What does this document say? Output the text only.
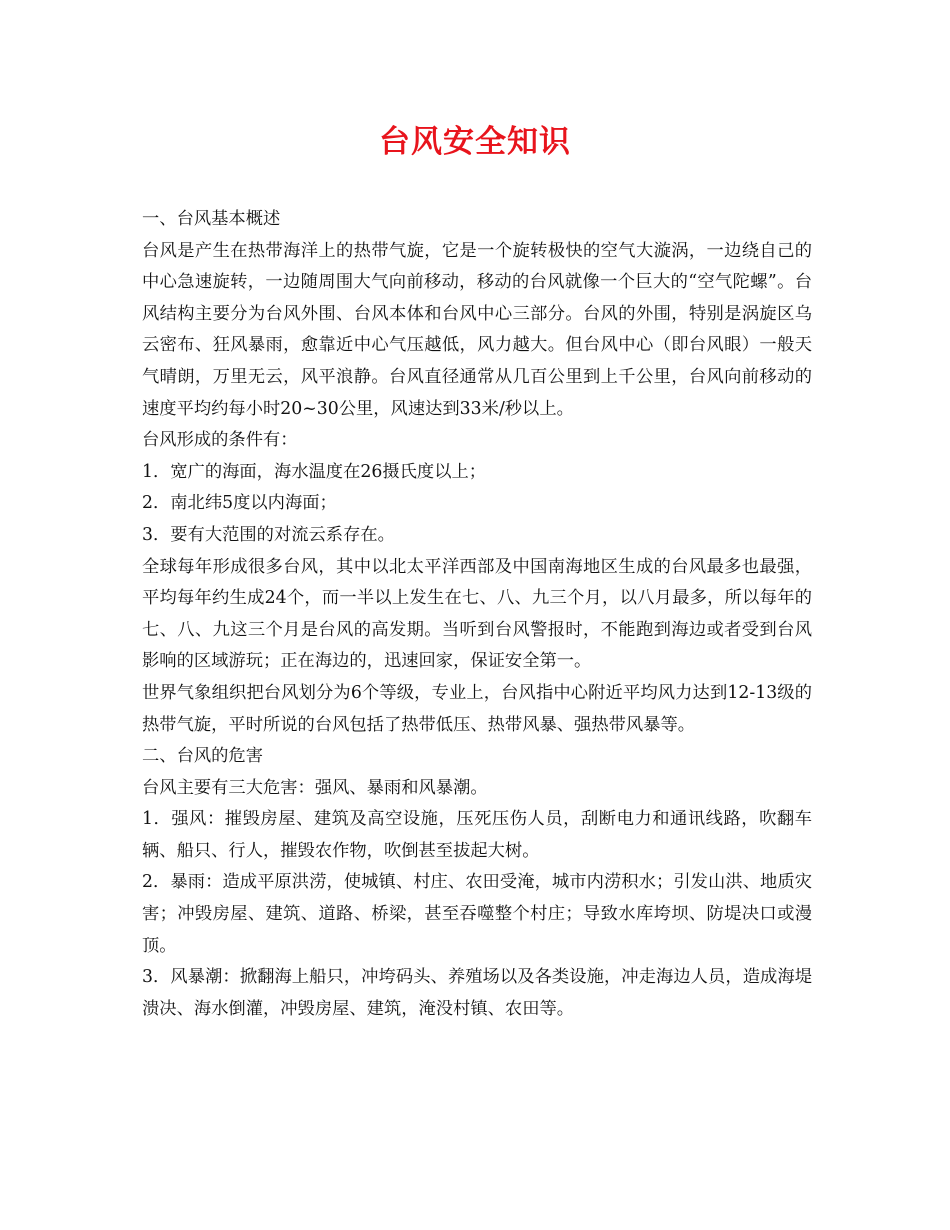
台风安全知识

一、台风基本概述

台风是产生在热带海洋上的热带气旋，它是一个旋转极快的空气大漩涡，一边绕自己的中心急速旋转，一边随周围大气向前移动，移动的台风就像一个巨大的“空气陀螺”。台风结构主要分为台风外围、台风本体和台风中心三部分。台风的外围，特别是涡旋区乌云密布、狂风暴雨，愈靠近中心气压越低，风力越大。但台风中心（即台风眼）一般天气晴朗，万里无云，风平浪静。台风直径通常从几百公里到上千公里，台风向前移动的速度平均约每小时20~30公里，风速达到33米/秒以上。

台风形成的条件有：

1．宽广的海面，海水温度在26摄氏度以上；

2．南北纬5度以内海面；

3．要有大范围的对流云系存在。

全球每年形成很多台风，其中以北太平洋西部及中国南海地区生成的台风最多也最强，平均每年约生成24个，而一半以上发生在七、八、九三个月，以八月最多，所以每年的七、八、九这三个月是台风的高发期。当听到台风警报时，不能跑到海边或者受到台风影响的区域游玩；正在海边的，迅速回家，保证安全第一。

世界气象组织把台风划分为6个等级，专业上，台风指中心附近平均风力达到12-13级的热带气旋，平时所说的台风包括了热带低压、热带风暴、强热带风暴等。

二、台风的危害

台风主要有三大危害：强风、暴雨和风暴潮。

1．强风：摧毁房屋、建筑及高空设施，压死压伤人员，刮断电力和通讯线路，吹翻车辆、船只、行人，摧毁农作物，吹倒甚至拔起大树。

2．暴雨：造成平原洪涝，使城镇、村庄、农田受淹，城市内涝积水；引发山洪、地质灾害；冲毁房屋、建筑、道路、桥梁，甚至吞噬整个村庄；导致水库垮坝、防堤决口或漫顶。

3．风暴潮：掀翻海上船只，冲垮码头、养殖场以及各类设施，冲走海边人员，造成海堤溃决、海水倒灌，冲毁房屋、建筑，淹没村镇、农田等。
